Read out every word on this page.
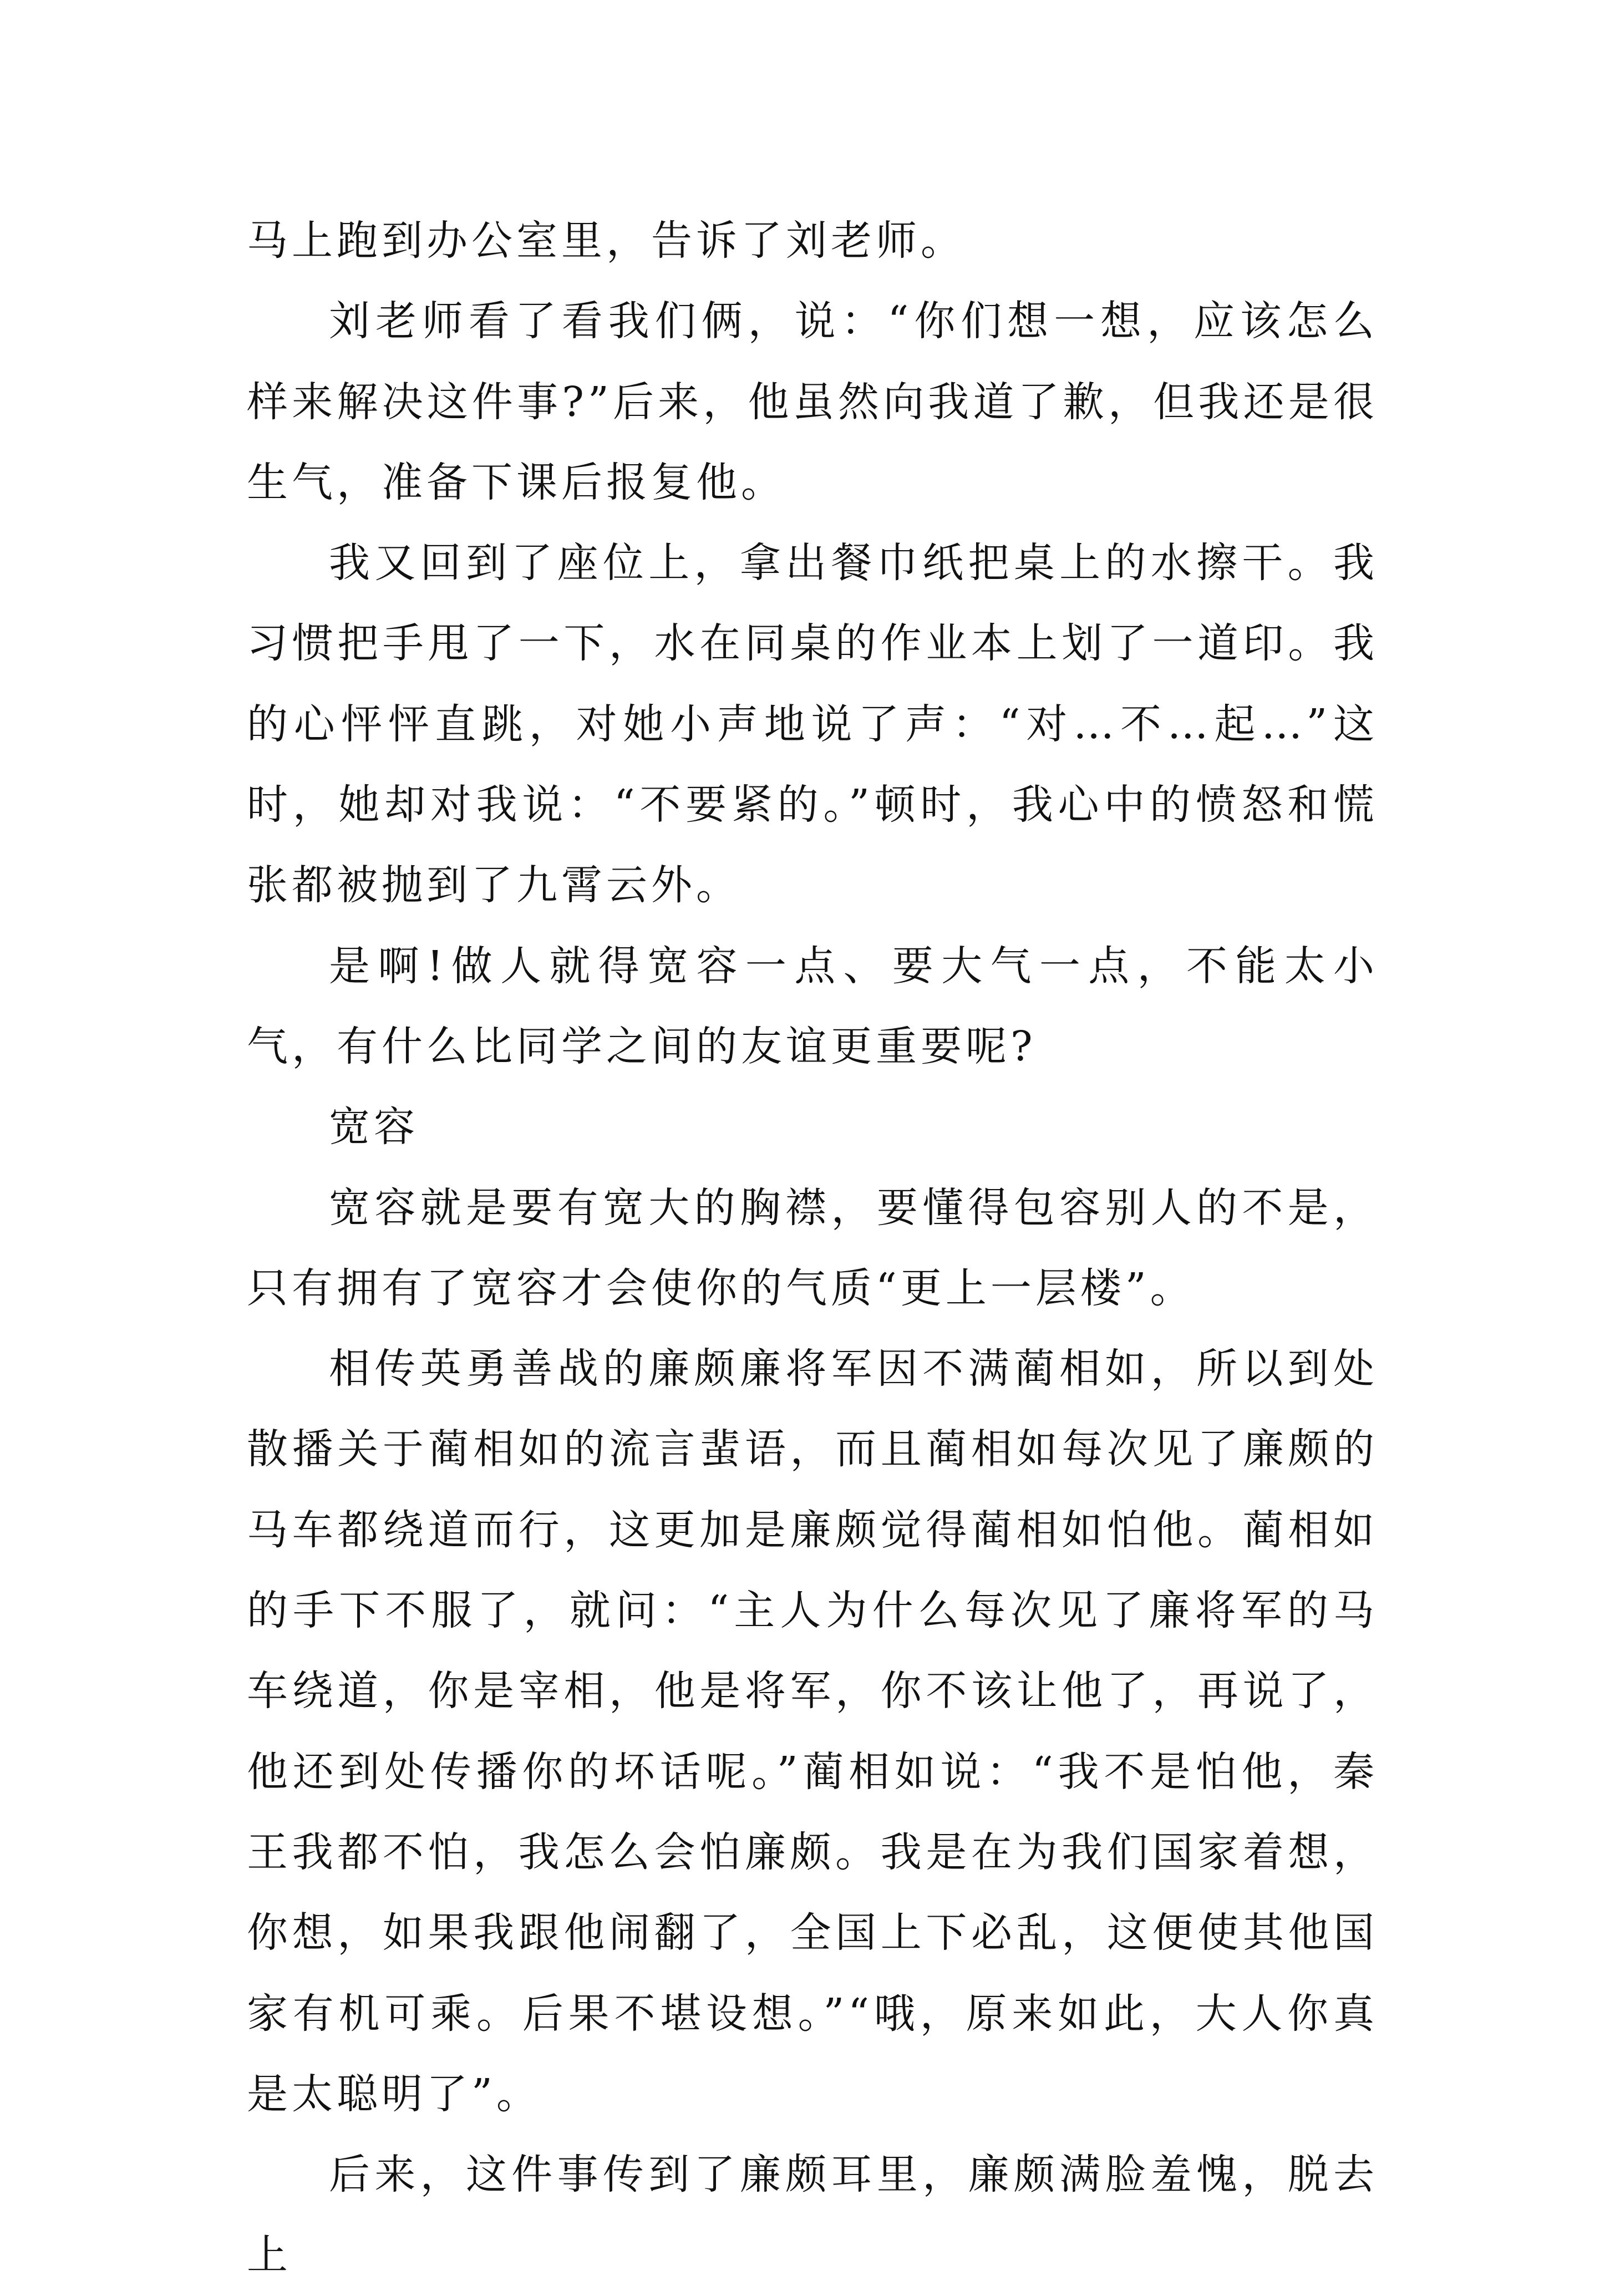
马上跑到办公室里，告诉了刘老师。

刘老师看了看我们俩，说：“你们想一想，应该怎么样来解决这件事?”后来，他虽然向我道了歉，但我还是很生气，准备下课后报复他。

我又回到了座位上，拿出餐巾纸把桌上的水擦干。我习惯把手甩了一下，水在同桌的作业本上划了一道印。我的心怦怦直跳，对她小声地说了声：“对…不…起…”这时，她却对我说：“不要紧的。”顿时，我心中的愤怒和慌张都被抛到了九霄云外。

是啊!做人就得宽容一点、要大气一点，不能太小气，有什么比同学之间的友谊更重要呢?

宽容

宽容就是要有宽大的胸襟，要懂得包容别人的不是，只有拥有了宽容才会使你的气质“更上一层楼”。

相传英勇善战的廉颇廉将军因不满蔺相如，所以到处散播关于蔺相如的流言蜚语，而且蔺相如每次见了廉颇的马车都绕道而行，这更加是廉颇觉得蔺相如怕他。蔺相如的手下不服了，就问：“主人为什么每次见了廉将军的马车绕道，你是宰相，他是将军，你不该让他了，再说了，他还到处传播你的坏话呢。”蔺相如说：“我不是怕他，秦王我都不怕，我怎么会怕廉颇。我是在为我们国家着想，你想，如果我跟他闹翻了，全国上下必乱，这便使其他国家有机可乘。后果不堪设想。”“哦，原来如此，大人你真是太聪明了”。

后来，这件事传到了廉颇耳里，廉颇满脸羞愧，脱去上
